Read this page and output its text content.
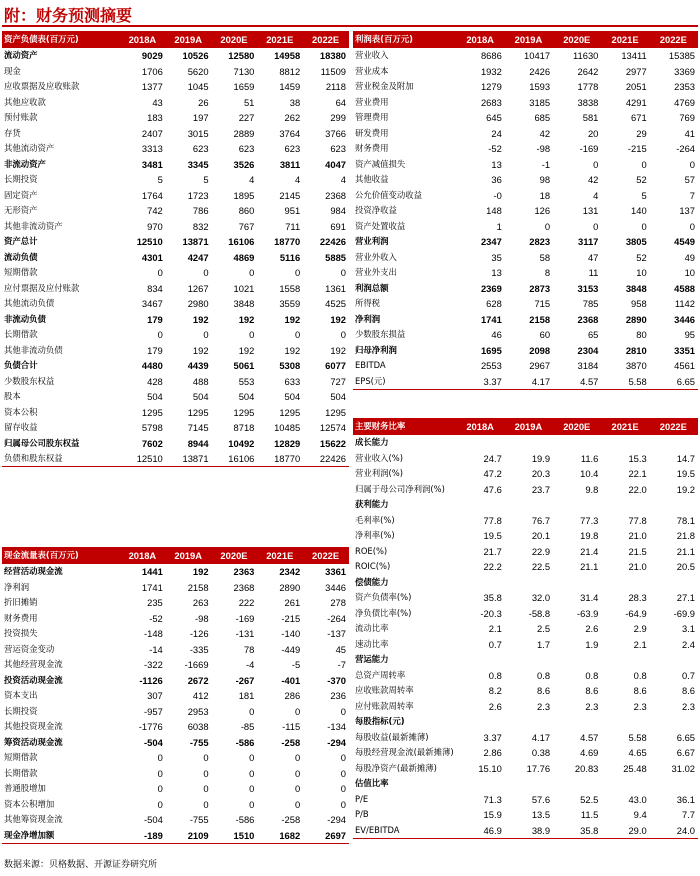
附：财务预测摘要
资产负债表(百万元)	2018A	2019A	2020E	2021E	2022E
流动资产	9029	10526	12580	14958	18380
现金	1706	5620	7130	8812	11509
应收票据及应收账款	1377	1045	1659	1459	2118
其他应收款	43	26	51	38	64
预付账款	183	197	227	262	299
存货	2407	3015	2889	3764	3766
其他流动资产	3313	623	623	623	623
非流动资产	3481	3345	3526	3811	4047
长期投资	5	5	4	4	4
固定资产	1764	1723	1895	2145	2368
无形资产	742	786	860	951	984
其他非流动资产	970	832	767	711	691
资产总计	12510	13871	16106	18770	22426
流动负债	4301	4247	4869	5116	5885
短期借款	0	0	0	0	0
应付票据及应付账款	834	1267	1021	1558	1361
其他流动负债	3467	2980	3848	3559	4525
非流动负债	179	192	192	192	192
长期借款	0	0	0	0	0
其他非流动负债	179	192	192	192	192
负债合计	4480	4439	5061	5308	6077
少数股东权益	428	488	553	633	727
股本	504	504	504	504	504
资本公积	1295	1295	1295	1295	1295
留存收益	5798	7145	8718	10485	12574
归属母公司股东权益	7602	8944	10492	12829	15622
负债和股东权益	12510	13871	16106	18770	22426
利润表(百万元)	2018A	2019A	2020E	2021E	2022E
营业收入	8686	10417	11630	13411	15385
营业成本	1932	2426	2642	2977	3369
营业税金及附加	1279	1593	1778	2051	2353
营业费用	2683	3185	3838	4291	4769
管理费用	645	685	581	671	769
研发费用	24	42	20	29	41
财务费用	-52	-98	-169	-215	-264
资产减值损失	13	-1	0	0	0
其他收益	36	98	42	52	57
公允价值变动收益	-0	18	4	5	7
投资净收益	148	126	131	140	137
资产处置收益	1	0	0	0	0
营业利润	2347	2823	3117	3805	4549
营业外收入	35	58	47	52	49
营业外支出	13	8	11	10	10
利润总额	2369	2873	3153	3848	4588
所得税	628	715	785	958	1142
净利润	1741	2158	2368	2890	3446
少数股东损益	46	60	65	80	95
归母净利润	1695	2098	2304	2810	3351
EBITDA	2553	2967	3184	3870	4561
EPS(元)	3.37	4.17	4.57	5.58	6.65
现金流量表(百万元)	2018A	2019A	2020E	2021E	2022E
经营活动现金流	1441	192	2363	2342	3361
净利润	1741	2158	2368	2890	3446
折旧摊销	235	263	222	261	278
财务费用	-52	-98	-169	-215	-264
投资损失	-148	-126	-131	-140	-137
营运资金变动	-14	-335	78	-449	45
其他经营现金流	-322	-1669	-4	-5	-7
投资活动现金流	-1126	2672	-267	-401	-370
资本支出	307	412	181	286	236
长期投资	-957	2953	0	0	0
其他投资现金流	-1776	6038	-85	-115	-134
筹资活动现金流	-504	-755	-586	-258	-294
短期借款	0	0	0	0	0
长期借款	0	0	0	0	0
普通股增加	0	0	0	0	0
资本公积增加	0	0	0	0	0
其他筹资现金流	-504	-755	-586	-258	-294
现金净增加额	-189	2109	1510	1682	2697
主要财务比率	2018A	2019A	2020E	2021E	2022E
成长能力					
营业收入(%)	24.7	19.9	11.6	15.3	14.7
营业利润(%)	47.2	20.3	10.4	22.1	19.5
归属于母公司净利润(%)	47.6	23.7	9.8	22.0	19.2
获利能力					
毛利率(%)	77.8	76.7	77.3	77.8	78.1
净利率(%)	19.5	20.1	19.8	21.0	21.8
ROE(%)	21.7	22.9	21.4	21.5	21.1
ROIC(%)	22.2	22.5	21.1	21.0	20.5
偿债能力					
资产负债率(%)	35.8	32.0	31.4	28.3	27.1
净负债比率(%)	-20.3	-58.8	-63.9	-64.9	-69.9
流动比率	2.1	2.5	2.6	2.9	3.1
速动比率	0.7	1.7	1.9	2.1	2.4
营运能力					
总资产周转率	0.8	0.8	0.8	0.8	0.7
应收账款周转率	8.2	8.6	8.6	8.6	8.6
应付账款周转率	2.6	2.3	2.3	2.3	2.3
每股指标(元)					
每股收益(最新摊薄)	3.37	4.17	4.57	5.58	6.65
每股经营现金流(最新摊薄)	2.86	0.38	4.69	4.65	6.67
每股净资产(最新摊薄)	15.10	17.76	20.83	25.48	31.02
估值比率					
P/E	71.3	57.6	52.5	43.0	36.1
P/B	15.9	13.5	11.5	9.4	7.7
EV/EBITDA	46.9	38.9	35.8	29.0	24.0
数据来源：贝格数据、开源证券研究所
